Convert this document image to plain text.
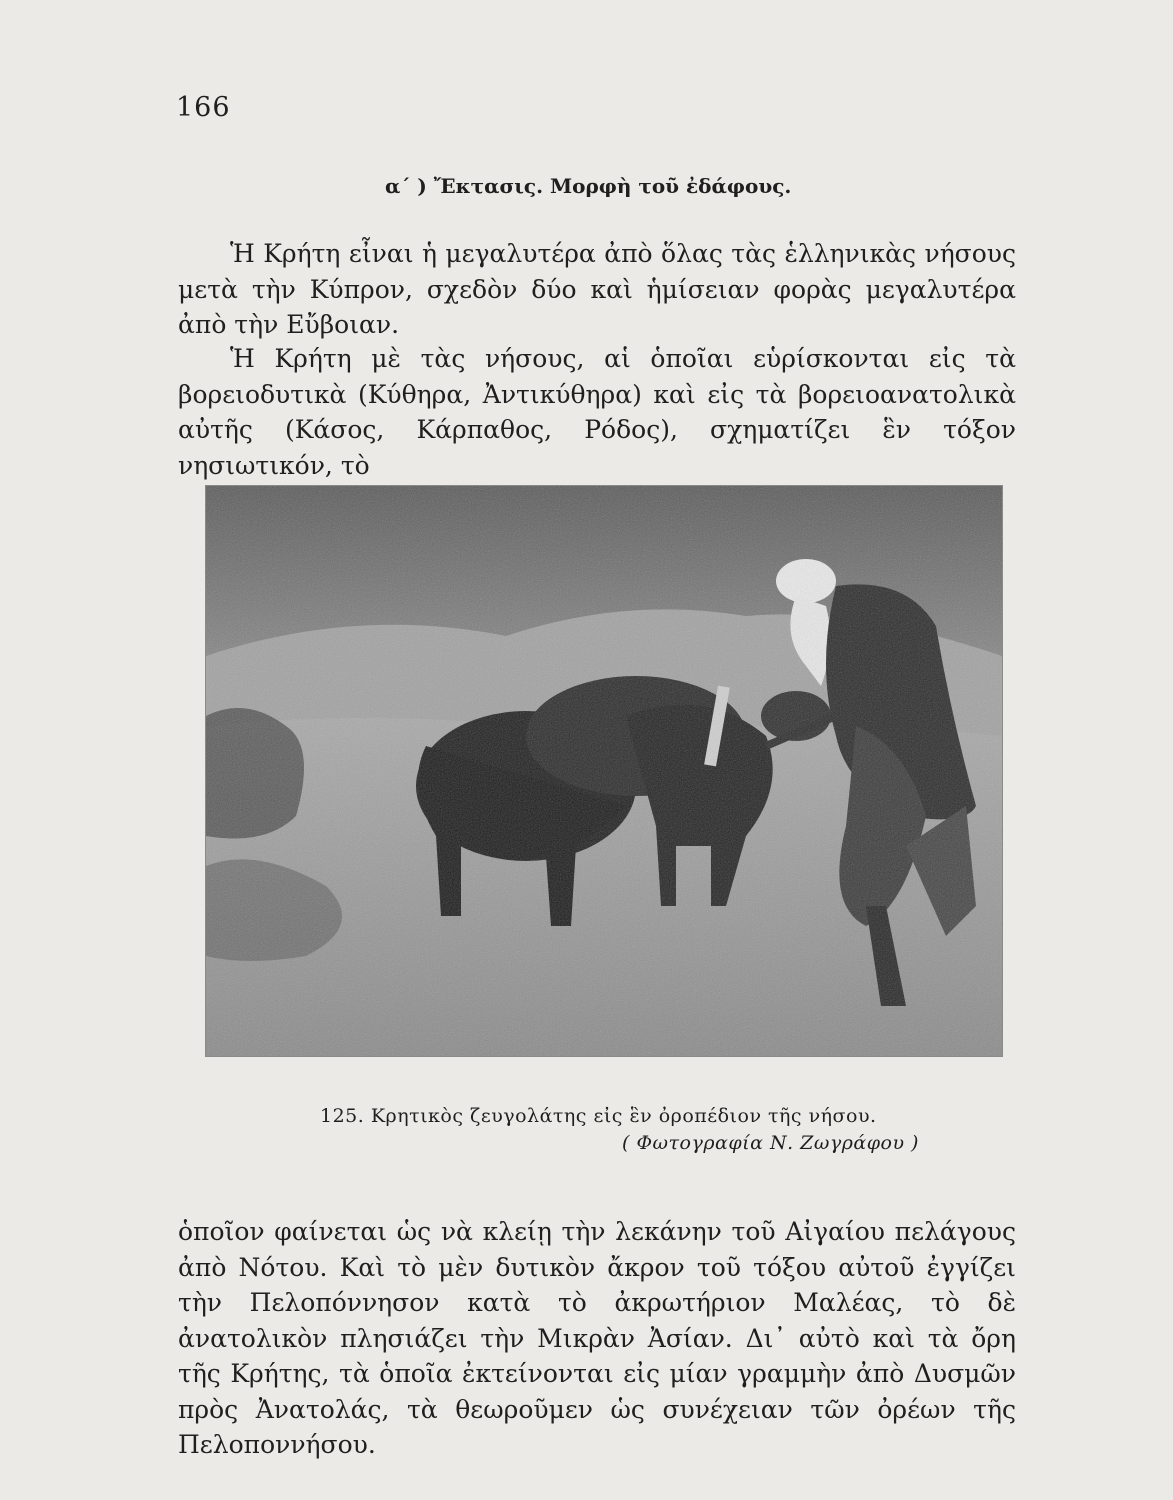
166
α΄ ) Ἔκτασις. Μορφὴ τοῦ ἐδάφους.

Ἡ Κρήτη εἶναι ἡ μεγαλυτέρα ἀπὸ ὅλας τὰς ἑλληνικὰς νήσους μετὰ τὴν Κύπρον, σχεδὸν δύο καὶ ἡμίσειαν φορὰς μεγαλυτέρα ἀπὸ τὴν Εὔβοιαν.

Ἡ Κρήτη μὲ τὰς νήσους, αἱ ὁποῖαι εὑρίσκονται εἰς τὰ βορειοδυτικὰ (Κύθηρα, Ἀντικύθηρα) καὶ εἰς τὰ βορειοανατολικὰ αὐτῆς (Κάσος, Κάρπαθος, Ρόδος), σχηματίζει ἓν τόξον νησιωτικόν, τὸ

125. Κρητικὸς ζευγολάτης εἰς ἓν ὀροπέδιον τῆς νήσου.
( Φωτογραφία Ν. Ζωγράφου )

ὁποῖον φαίνεται ὡς νὰ κλείῃ τὴν λεκάνην τοῦ Αἰγαίου πελάγους ἀπὸ Νότου. Καὶ τὸ μὲν δυτικὸν ἄκρον τοῦ τόξου αὐτοῦ ἐγγίζει τὴν Πελοπόννησον κατὰ τὸ ἀκρωτήριον Μαλέας, τὸ δὲ ἀνατολικὸν πλησιάζει τὴν Μικρὰν Ἀσίαν. Δι᾽ αὐτὸ καὶ τὰ ὄρη τῆς Κρήτης, τὰ ὁποῖα ἐκτείνονται εἰς μίαν γραμμὴν ἀπὸ Δυσμῶν πρὸς Ἀνατολάς, τὰ θεωροῦμεν ὡς συνέχειαν τῶν ὀρέων τῆς Πελοποννήσου.
